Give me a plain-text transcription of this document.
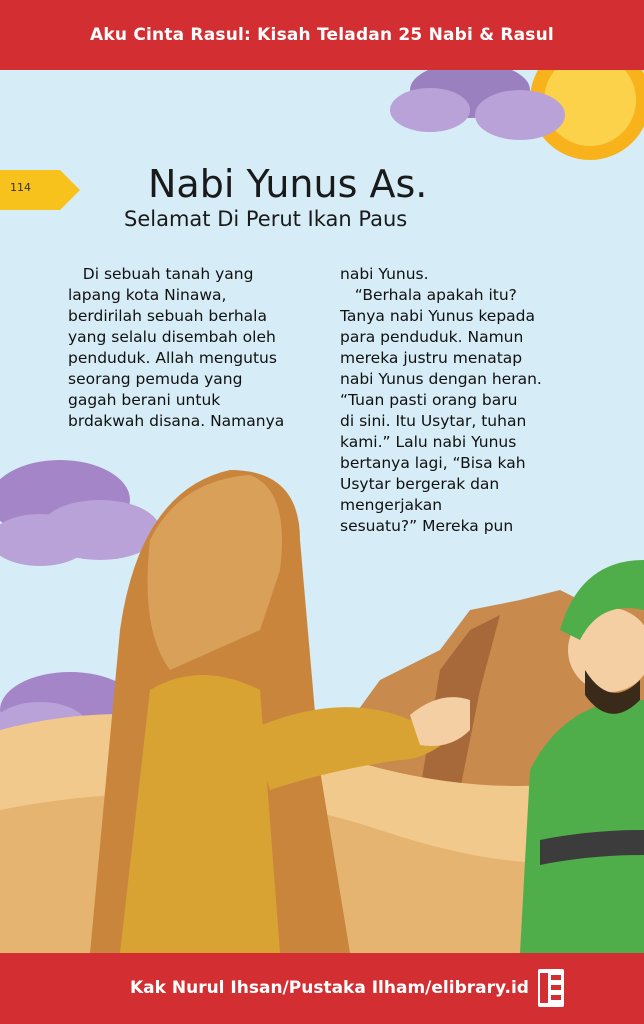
Aku Cinta Rasul: Kisah Teladan 25 Nabi & Rasul
114	Nabi Yunus As.
Selamat Di Perut Ikan Paus

Di sebuah tanah yang

lapang kota Ninawa,

berdirilah sebuah berhala

yang selalu disembah oleh

penduduk. Allah mengutus

seorang pemuda yang

gagah berani untuk

brdakwah disana. Namanya

nabi Yunus.

“Berhala apakah itu?

Tanya nabi Yunus kepada

para penduduk. Namun

mereka justru menatap

nabi Yunus dengan heran.

“Tuan pasti orang baru

di sini. Itu Usytar, tuhan

kami.” Lalu nabi Yunus

bertanya lagi, “Bisa kah

Usytar bergerak dan

mengerjakan

sesuatu?” Mereka pun

Kak Nurul Ihsan/Pustaka Ilham/elibrary.id
